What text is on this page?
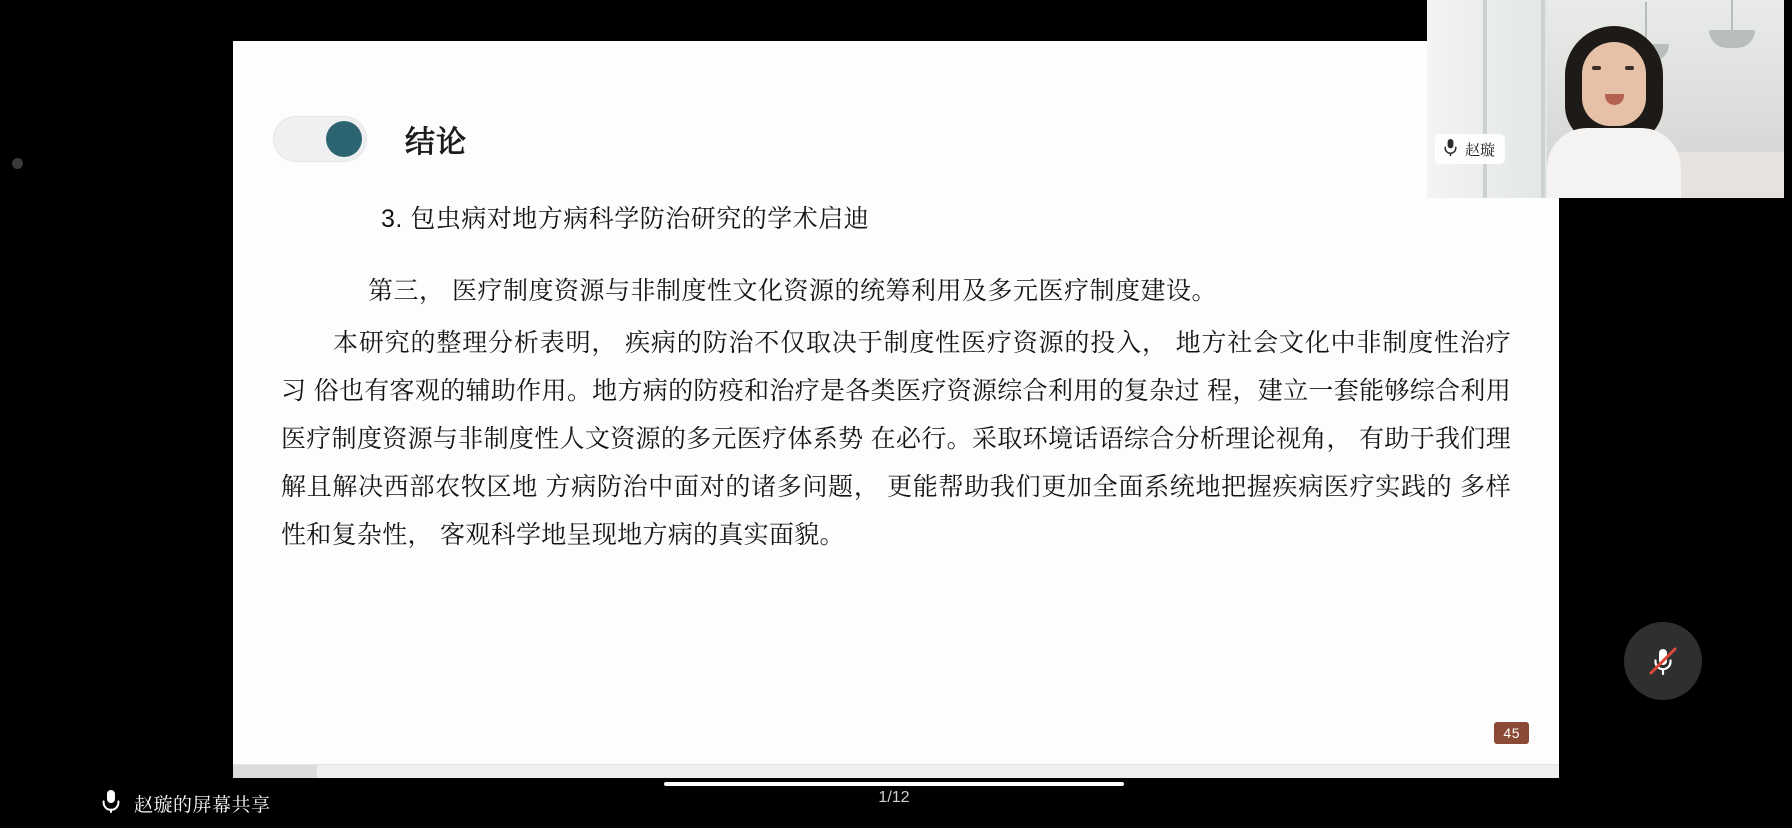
结论
3. 包虫病对地方病科学防治研究的学术启迪
第三， 医疗制度资源与非制度性文化资源的统筹利用及多元医疗制度建设。
本研究的整理分析表明， 疾病的防治不仅取决于制度性医疗资源的投入， 地方社会文化中非制度性治疗习 俗也有客观的辅助作用。地方病的防疫和治疗是各类医疗资源综合利用的复杂过 程，建立一套能够综合利用医疗制度资源与非制度性人文资源的多元医疗体系势 在必行。采取环境话语综合分析理论视角， 有助于我们理解且解决西部农牧区地 方病防治中面对的诸多问题， 更能帮助我们更加全面系统地把握疾病医疗实践的 多样性和复杂性， 客观科学地呈现地方病的真实面貌。
45
赵璇
赵璇的屏幕共享	1/12
